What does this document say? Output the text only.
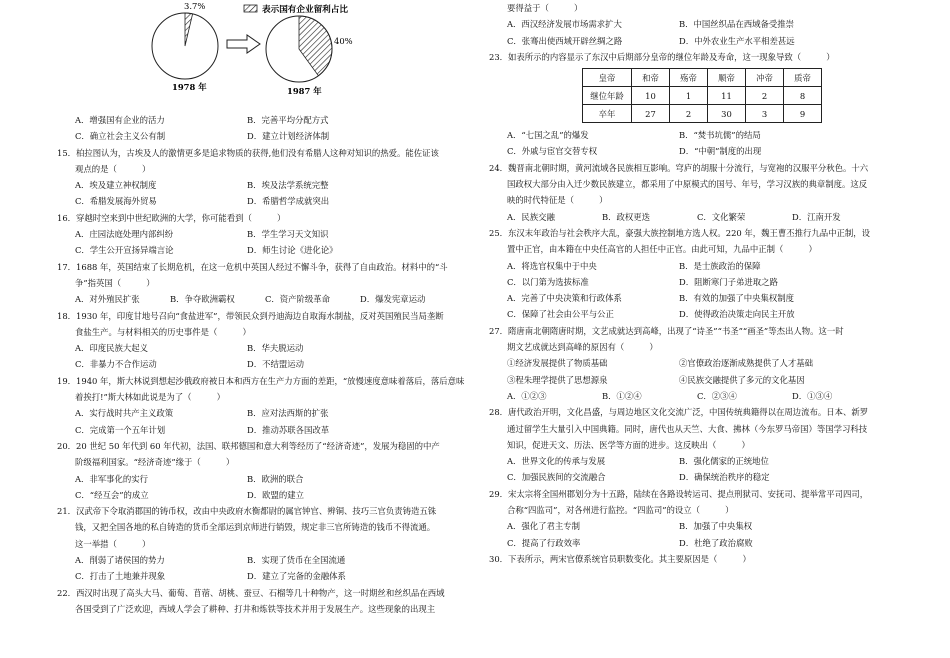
表示国有企业留利占比
3.7%
1978 年
40%
1987 年
A．增强国有企业的活力	B．完善平均分配方式
C．确立社会主义公有制	D．建立计划经济体制
15．柏拉图认为，古埃及人的激情更多是追求物质的获得,他们没有希腊人这种对知识的热爱。能佐证该
观点的是（　　　）
A．埃及建立神权制度	B．埃及法学系统完整
C．希腊发展海外贸易	D．希腊哲学成就突出
16．穿越时空来到中世纪欧洲的大学，你可能看到（　　　）
A．庄园法庭处理内部纠纷	B．学生学习天文知识
C．学生公开宣扬异端言论	D．师生讨论《进化论》
17．1688 年，英国结束了长期危机，在这一危机中英国人经过不懈斗争，获得了自由政治。材料中的“斗
争”指英国（　　　）
A．对外殖民扩张	B．争夺欧洲霸权	C．资产阶级革命	D．爆发宪章运动
18．1930 年，印度甘地号召向“食盐进军”，带领民众到丹迪海边自取海水制盐，反对英国殖民当局垄断
食盐生产。与材料相关的历史事件是（　　　）
A．印度民族大起义	B．华夫脱运动
C．非暴力不合作运动	D．不结盟运动
19．1940 年，斯大林说到想起沙俄政府被日本和西方在生产力方面的差距，“放慢速度意味着落后，落后意味
着挨打!”斯大林如此说是为了（　　　）
A．实行战时共产主义政策	B．应对法西斯的扩张
C．完成第一个五年计划	D．推动苏联各国改革
20．20 世纪 50 年代到 60 年代初，法国、联邦德国和意大利等经历了“经济奇迹”，发展为稳固的中产
阶级福利国家。“经济奇迹”缘于（　　　）
A．非军事化的实行	B．欧洲的联合
C．“经互会”的成立	D．欧盟的建立
21．汉武帝下令取消郡国的铸币权，改由中央政府水衡都尉的属官钟官、辨铜、技巧三官负责铸造五铢
钱，又把全国各地的私自铸造的货币全部运到京师进行销毁，规定非三官所铸造的钱币不得流通。
这一举措（　　　）
A．削弱了诸侯国的势力	B．实现了货币在全国流通
C．打击了土地兼并现象	D．建立了完备的金融体系
22．西汉时出现了高头大马、葡萄、苜蓿、胡桃、蚕豆、石榴等几十种物产，这一时期丝和丝织品在西域
各国受到了广泛欢迎，西域人学会了耕种、打井和炼铁等技术并用于发展生产。这些现象的出现主
要得益于（　　　）
A．西汉经济发展市场需求扩大	B．中国丝织品在西域备受推崇
C．张骞出使西域开辟丝绸之路	D．中外农业生产水平相差甚远
23．如表所示的内容显示了东汉中后期部分皇帝的继位年龄及寿命，这一现象导致（　　　）
皇帝	和帝	殇帝	顺帝	冲帝	质帝
继位年龄	10	1	11	2	8
卒年	27	2	30	3	9
A．“七国之乱”的爆发	B．“焚书坑儒”的结局
C．外戚与宦官交替专权	D．“中朝”制度的出现
24．魏晋南北朝时期，黄河流域各民族相互影响。穹庐的胡服十分流行，与宽袍的汉服平分秋色。十六
国政权大部分由入迁少数民族建立，都采用了中原模式的国号、年号，学习汉族的典章制度。这反
映的时代特征是（　　　）
A．民族交融	B．政权更迭	C．文化繁荣	D．江南开发
25．东汉末年政治与社会秩序大乱，豪强大族控制地方选人权。220 年，魏王曹丕推行九品中正制，设
置中正官，由本籍在中央任高官的人担任中正官。由此可知，九品中正制（　　　）
A．将选官权集中于中央	B．是士族政治的保障
C．以门第为选拔标准	D．阻断寒门子弟进取之路
A．完善了中央决策和行政体系	B．有效的加强了中央集权制度
C．保障了社会由公平与公正	D．使得政治决策走向民主开放
27．隋唐南北朝隋唐时期，文艺成就达到高峰，出现了“诗圣”“书圣”“画圣”等杰出人物。这一时
期文艺成就达到高峰的原因有（　　　）
①经济发展提供了物质基础	②官僚政治逐渐成熟提供了人才基础
③程朱理学提供了思想源泉	④民族交融提供了多元的文化基因
A．①②③	B．①②④	C．②③④	D．①③④
28．唐代政治开明，文化昌盛，与周边地区文化交流广泛，中国传统典籍得以在周边流布。日本、新罗
通过留学生大量引入中国典籍。同时，唐代也从天竺、大食、拂林（今东罗马帝国）等国学习科技
知识，促进天文、历法、医学等方面的进步。这反映出（　　　）
A．世界文化的传承与发展	B．强化儒家的正统地位
C．加强民族间的交流融合	D．确保统治秩序的稳定
29．宋太宗将全国州郡划分为十五路，陆续在各路设转运司、提点刑狱司、安抚司、提举常平司四司，
合称“四监司”，对各州进行监控。“四监司”的设立（　　　）
A．强化了君主专制	B．加强了中央集权
C．提高了行政效率	D．杜绝了政治腐败
30．下表所示，两宋官僚系统官员职数变化。其主要原因是（　　　）
